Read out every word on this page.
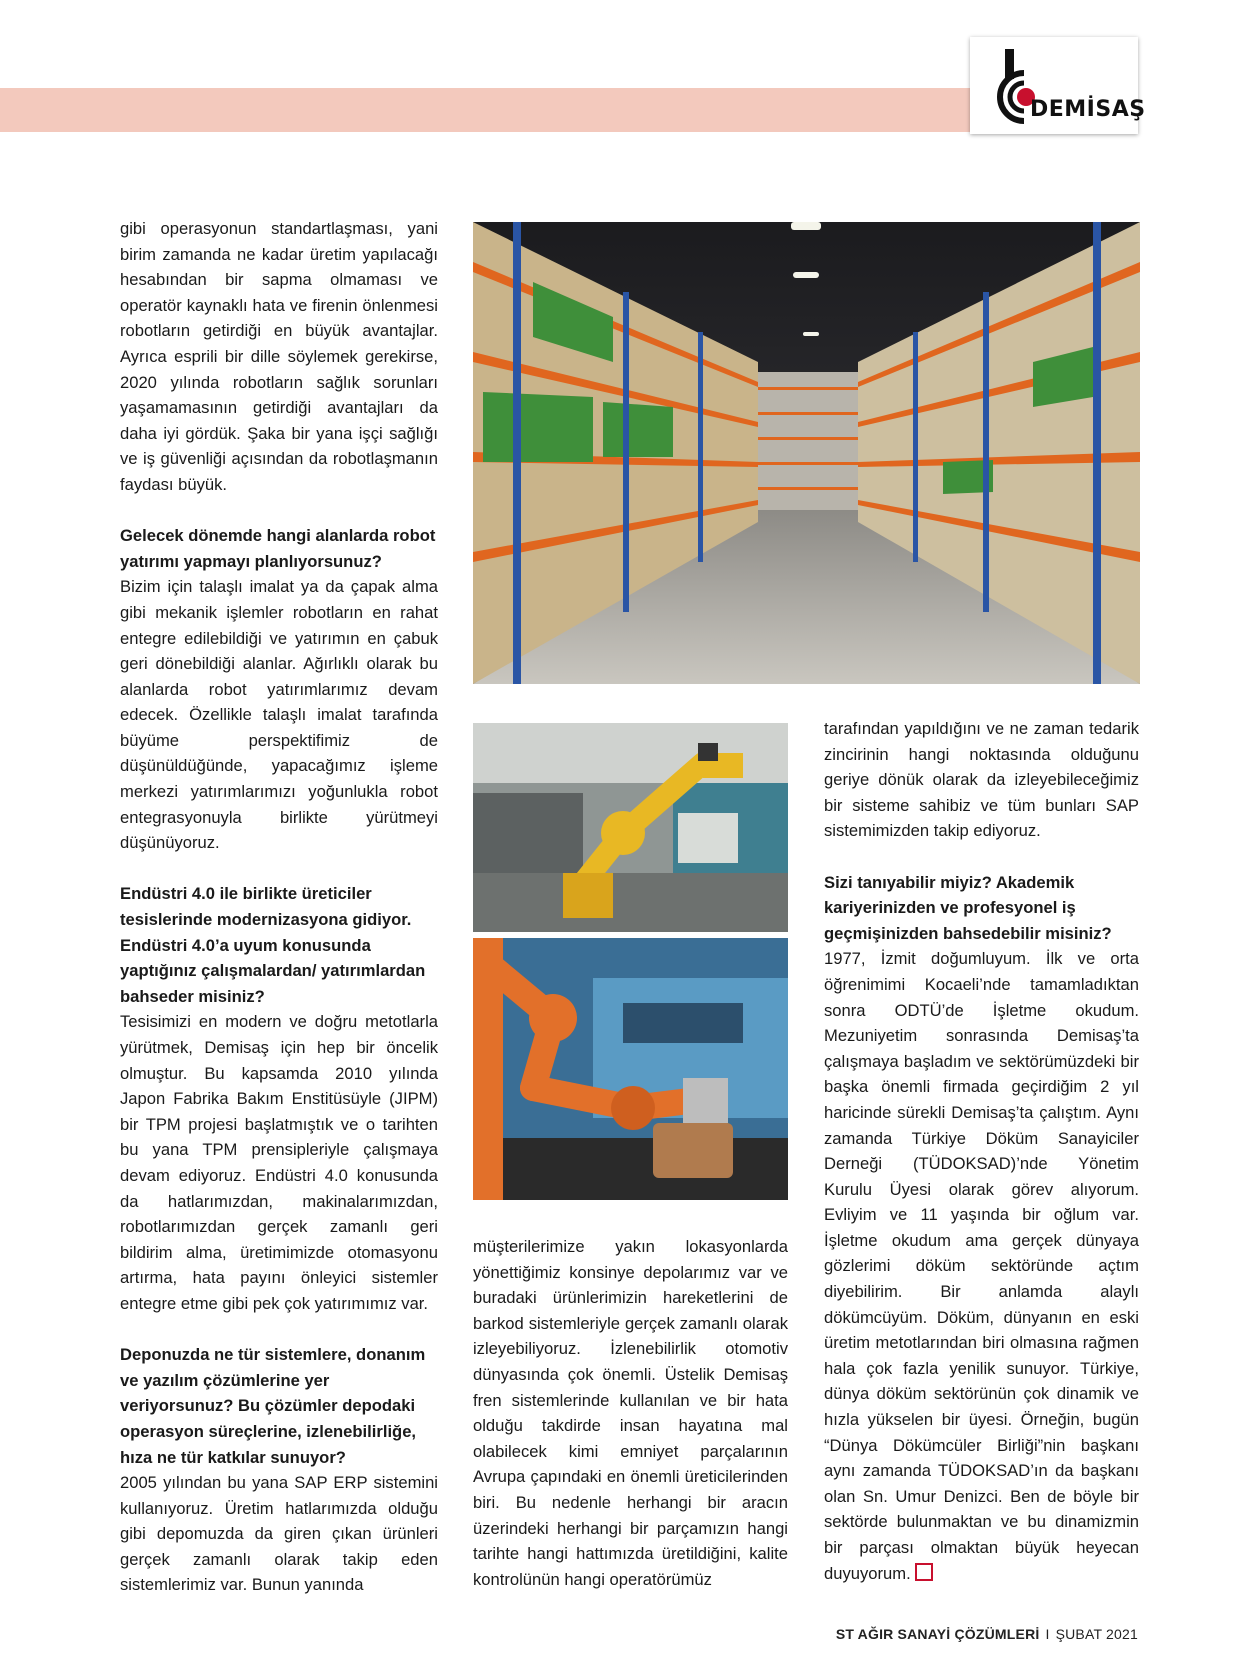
DEMİSAŞ

gibi operasyonun standartlaşması, yani birim zamanda ne kadar üretim yapılacağı hesabından bir sapma olmaması ve operatör kaynaklı hata ve firenin önlenmesi robotların getirdiği en büyük avantajlar. Ayrıca esprili bir dille söylemek gerekirse, 2020 yılında robotların sağlık sorunları yaşamamasının getirdiği avantajları da daha iyi gördük. Şaka bir yana işçi sağlığı ve iş güvenliği açısından da robotlaşmanın faydası büyük.

Gelecek dönemde hangi alanlarda robot yatırımı yapmayı planlıyorsunuz?

Bizim için talaşlı imalat ya da çapak alma gibi mekanik işlemler robotların en rahat entegre edilebildiği ve yatırımın en çabuk geri dönebildiği alanlar. Ağırlıklı olarak bu alanlarda robot yatırımlarımız devam edecek. Özellikle talaşlı imalat tarafında büyüme perspektifimiz de düşünüldüğünde, yapacağımız işleme merkezi yatırımlarımızı yoğunlukla robot entegrasyonuyla birlikte yürütmeyi düşünüyoruz.

Endüstri 4.0 ile birlikte üreticiler tesislerinde modernizasyona gidiyor. Endüstri 4.0’a uyum konusunda yaptığınız çalışmalardan/ yatırımlardan bahseder misiniz?

Tesisimizi en modern ve doğru metotlarla yürütmek, Demisaş için hep bir öncelik olmuştur. Bu kapsamda 2010 yılında Japon Fabrika Bakım Enstitüsüyle (JIPM) bir TPM projesi başlatmıştık ve o tarihten bu yana TPM prensipleriyle çalışmaya devam ediyoruz. Endüstri 4.0 konusunda da hatlarımızdan, makinalarımızdan, robotlarımızdan gerçek zamanlı geri bildirim alma, üretimimizde otomasyonu artırma, hata payını önleyici sistemler entegre etme gibi pek çok yatırımımız var.

Deponuzda ne tür sistemlere, donanım ve yazılım çözümlerine yer veriyorsunuz? Bu çözümler depodaki operasyon süreçlerine, izlenebilirliğe, hıza ne tür katkılar sunuyor?

2005 yılından bu yana SAP ERP sistemini kullanıyoruz. Üretim hatlarımızda olduğu gibi depomuzda da giren çıkan ürünleri gerçek zamanlı olarak takip eden sistemlerimiz var. Bunun yanında

müşterilerimize yakın lokasyonlarda yönettiğimiz konsinye depolarımız var ve buradaki ürünlerimizin hareketlerini de barkod sistemleriyle gerçek zamanlı olarak izleyebiliyoruz. İzlenebilirlik otomotiv dünyasında çok önemli. Üstelik Demisaş fren sistemlerinde kullanılan ve bir hata olduğu takdirde insan hayatına mal olabilecek kimi emniyet parçalarının Avrupa çapındaki en önemli üreticilerinden biri. Bu nedenle herhangi bir aracın üzerindeki herhangi bir parçamızın hangi tarihte hangi hattımızda üretildiğini, kalite kontrolünün hangi operatörümüz

tarafından yapıldığını ve ne zaman tedarik zincirinin hangi noktasında olduğunu geriye dönük olarak da izleyebileceğimiz bir sisteme sahibiz ve tüm bunları SAP sistemimizden takip ediyoruz.

Sizi tanıyabilir miyiz? Akademik kariyerinizden ve profesyonel iş geçmişinizden bahsedebilir misiniz?

1977, İzmit doğumluyum. İlk ve orta öğrenimimi Kocaeli’nde tamamladıktan sonra ODTÜ’de İşletme okudum. Mezuniyetim sonrasında Demisaş’ta çalışmaya başladım ve sektörümüzdeki bir başka önemli firmada geçirdiğim 2 yıl haricinde sürekli Demisaş’ta çalıştım. Aynı zamanda Türkiye Döküm Sanayiciler Derneği (TÜDOKSAD)’nde Yönetim Kurulu Üyesi olarak görev alıyorum. Evliyim ve 11 yaşında bir oğlum var. İşletme okudum ama gerçek dünyaya gözlerimi döküm sektöründe açtım diyebilirim. Bir anlamda alaylı dökümcüyüm. Döküm, dünyanın en eski üretim metotlarından biri olmasına rağmen hala çok fazla yenilik sunuyor. Türkiye, dünya döküm sektörünün çok dinamik ve hızla yükselen bir üyesi. Örneğin, bugün “Dünya Dökümcüler Birliği”nin başkanı aynı zamanda TÜDOKSAD’ın da başkanı olan Sn. Umur Denizci. Ben de böyle bir sektörde bulunmaktan ve bu dinamizmin bir parçası olmaktan büyük heyecan duyuyorum.

ST AĞIR SANAYİ ÇÖZÜMLERİ I ŞUBAT 2021
